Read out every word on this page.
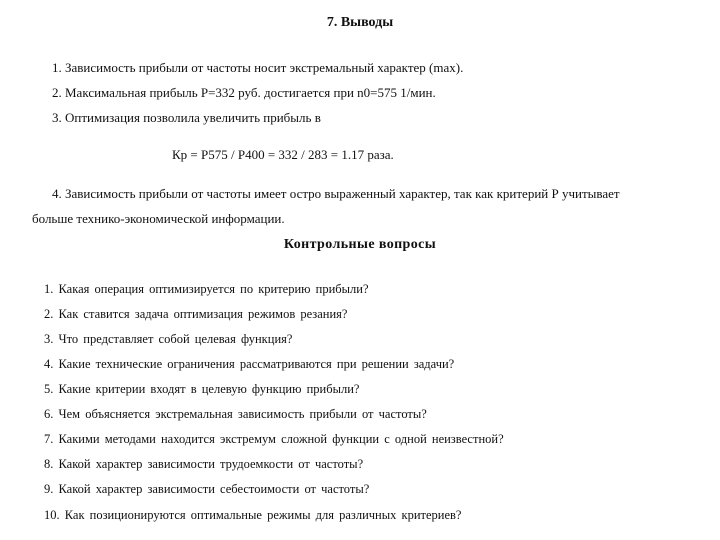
7. Выводы
1. Зависимость прибыли от частоты носит экстремальный характер (max).
2. Максимальная прибыль Р=332 руб. достигается при n0=575 1/мин.
3. Оптимизация позволила увеличить прибыль в
Кр = Р575 / Р400 = 332 / 283 = 1.17 раза.
4. Зависимость прибыли от частоты имеет остро выраженный характер, так как критерий Р учитывает
больше технико-экономической информации.
Контрольные вопросы
1. Какая операция оптимизируется по критерию прибыли?
2. Как ставится задача оптимизация режимов резания?
3. Что представляет собой целевая функция?
4. Какие технические ограничения рассматриваются при решении задачи?
5. Какие критерии входят в целевую функцию прибыли?
6. Чем объясняется экстремальная зависимость прибыли от частоты?
7. Какими методами находится экстремум сложной функции с одной неизвестной?
8. Какой характер зависимости трудоемкости от частоты?
9. Какой характер зависимости себестоимости от частоты?
10. Как позиционируются оптимальные режимы для различных критериев?
